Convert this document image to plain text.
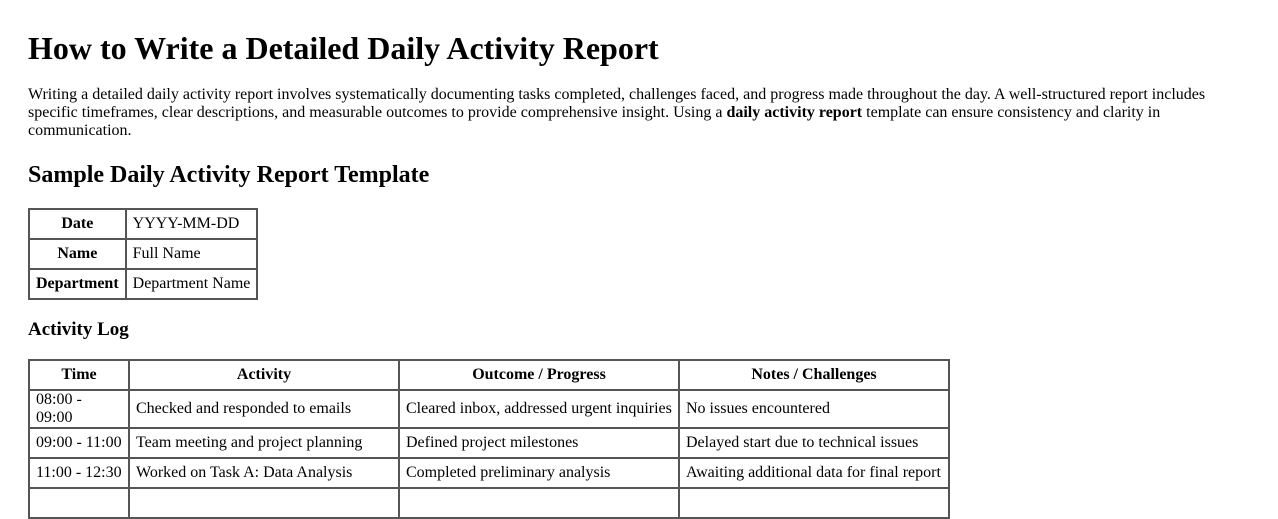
How to Write a Detailed Daily Activity Report

Writing a detailed daily activity report involves systematically documenting tasks completed, challenges faced, and progress made throughout the day. A well-structured report includes specific timeframes, clear descriptions, and measurable outcomes to provide comprehensive insight. Using a daily activity report template can ensure consistency and clarity in communication.

Sample Daily Activity Report Template
Date	YYYY-MM-DD
Name	Full Name
Department	Department Name
Activity Log
Time	Activity	Outcome / Progress	Notes / Challenges
08:00 - 09:00	Checked and responded to emails	Cleared inbox, addressed urgent inquiries	No issues encountered
09:00 - 11:00	Team meeting and project planning	Defined project milestones	Delayed start due to technical issues
11:00 - 12:30	Worked on Task A: Data Analysis	Completed preliminary analysis	Awaiting additional data for final report
